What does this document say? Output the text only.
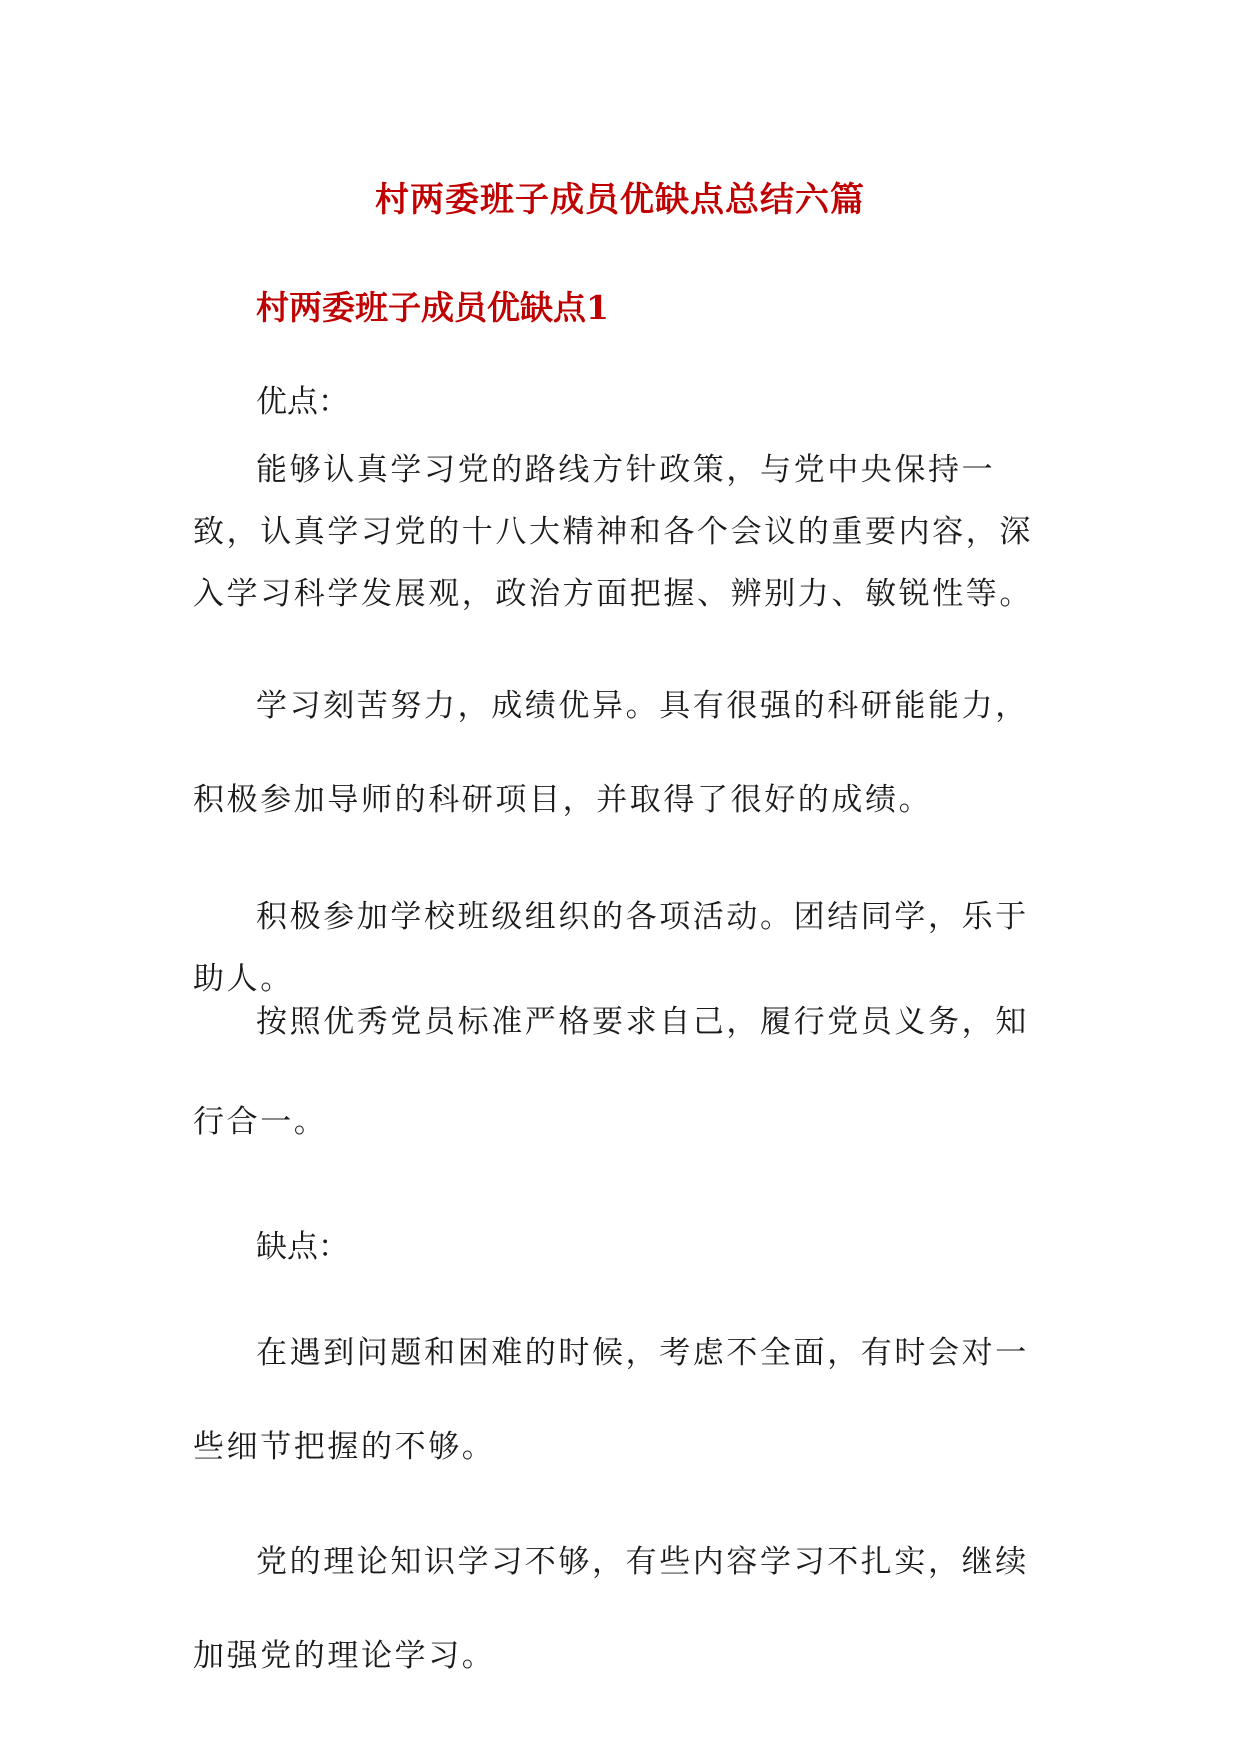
村两委班子成员优缺点总结六篇
村两委班子成员优缺点1
优点：

能够认真学习党的路线方针政策，与党中央保持一致，认真学习党的十八大精神和各个会议的重要内容，深入学习科学发展观，政治方面把握、辨别力、敏锐性等。

学习刻苦努力，成绩优异。具有很强的科研能能力，积极参加导师的科研项目，并取得了很好的成绩。

积极参加学校班级组织的各项活动。团结同学，乐于助人。

按照优秀党员标准严格要求自己，履行党员义务，知行合一。

缺点：

在遇到问题和困难的时候，考虑不全面，有时会对一些细节把握的不够。

党的理论知识学习不够，有些内容学习不扎实，继续加强党的理论学习。
